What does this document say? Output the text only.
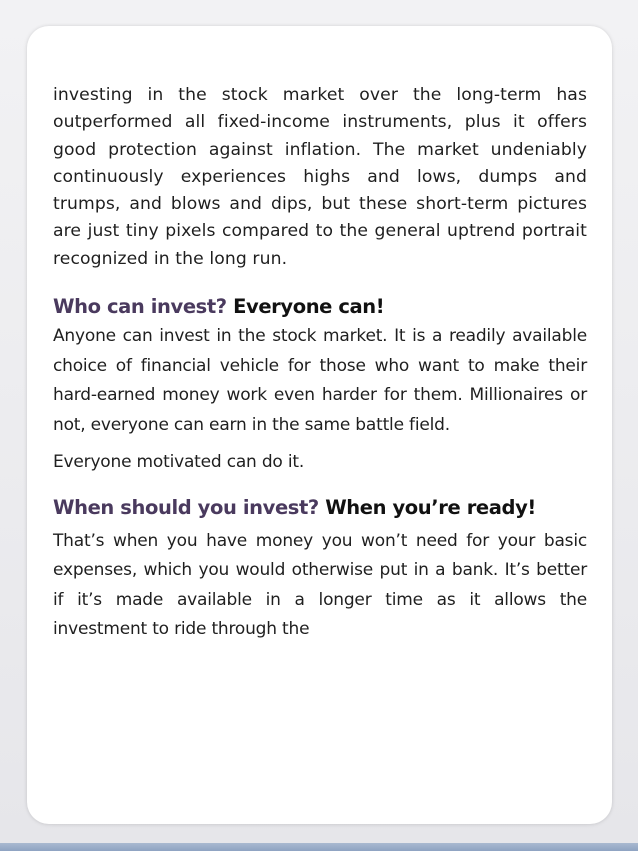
investing in the stock market over the long-term has outperformed all fixed-income instruments, plus it offers good protection against inflation. The market undeniably continuously experiences highs and lows, dumps and trumps, and blows and dips, but these short-term pictures are just tiny pixels compared to the general uptrend portrait recognized in the long run.

Who can invest? Everyone can!

Anyone can invest in the stock market. It is a readily available choice of financial vehicle for those who want to make their hard-earned money work even harder for them. Millionaires or not, everyone can earn in the same battle field.

Everyone motivated can do it.

When should you invest? When you’re ready!

That’s when you have money you won’t need for your basic expenses, which you would otherwise put in a bank. It’s better if it’s made available in a longer time as it allows the investment to ride through the
